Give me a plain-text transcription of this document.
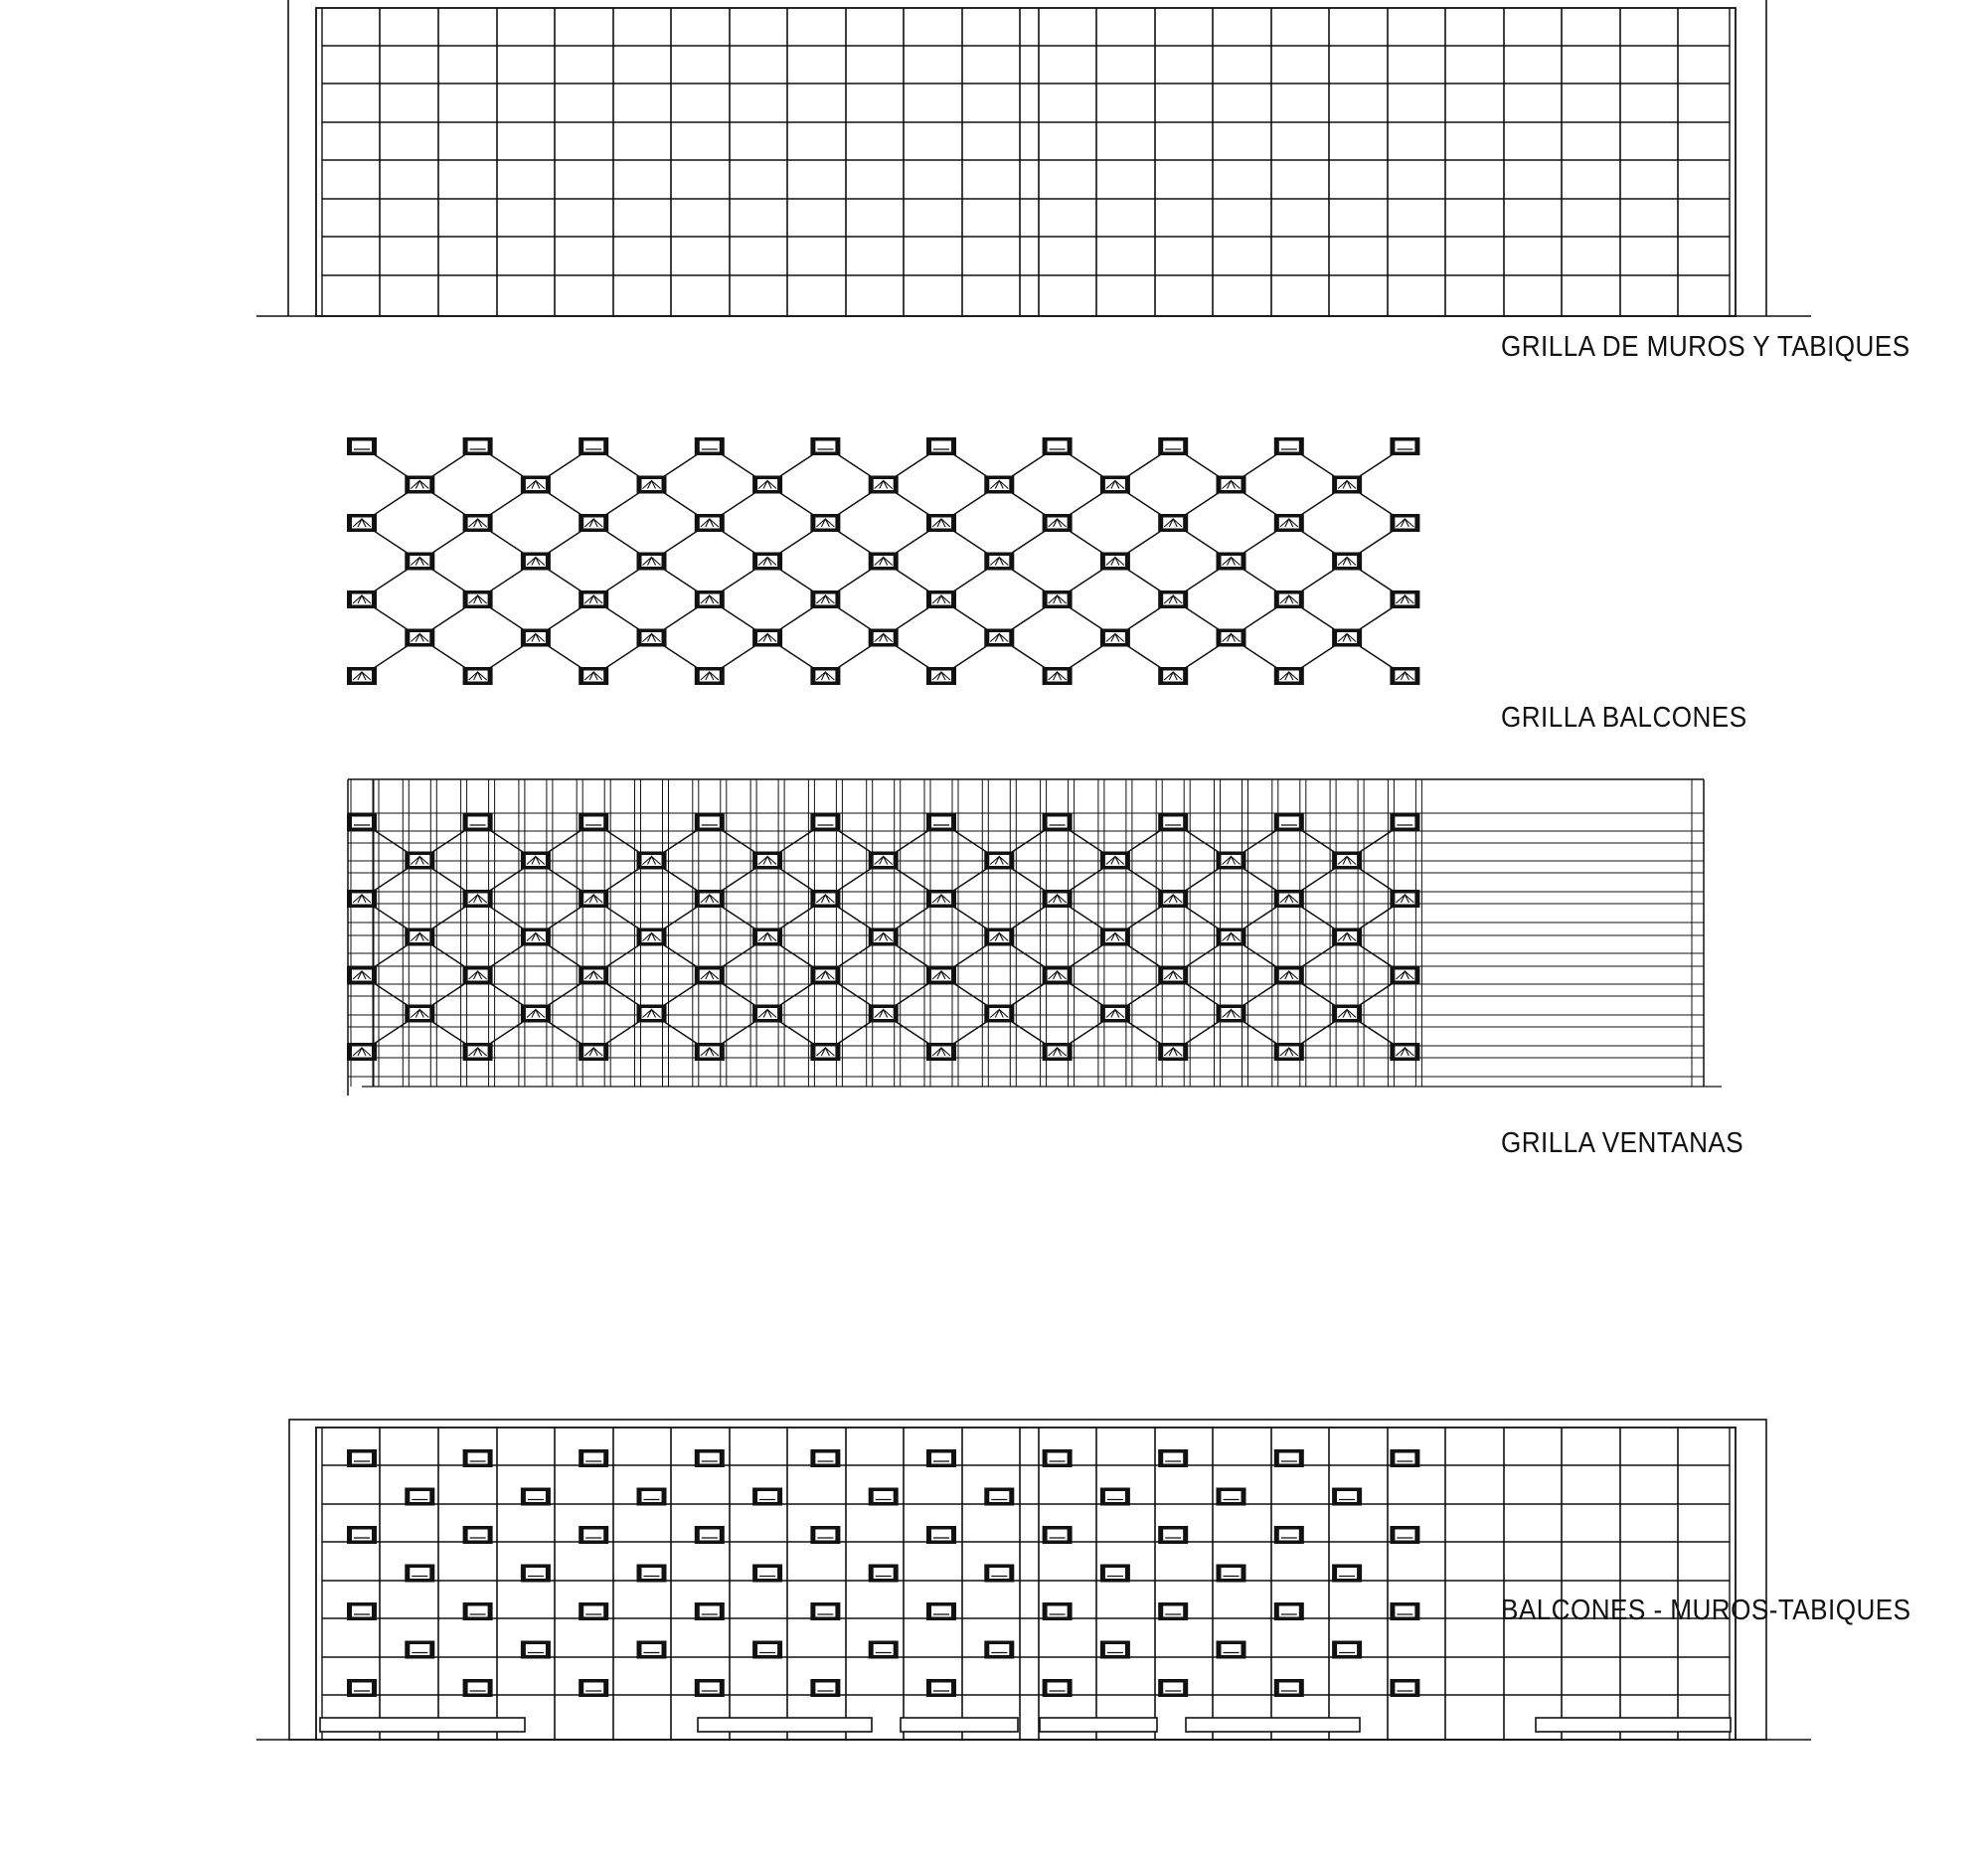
GRILLA DE MUROS Y TABIQUES
GRILLA BALCONES
GRILLA VENTANAS
BALCONES - MUROS-TABIQUES
